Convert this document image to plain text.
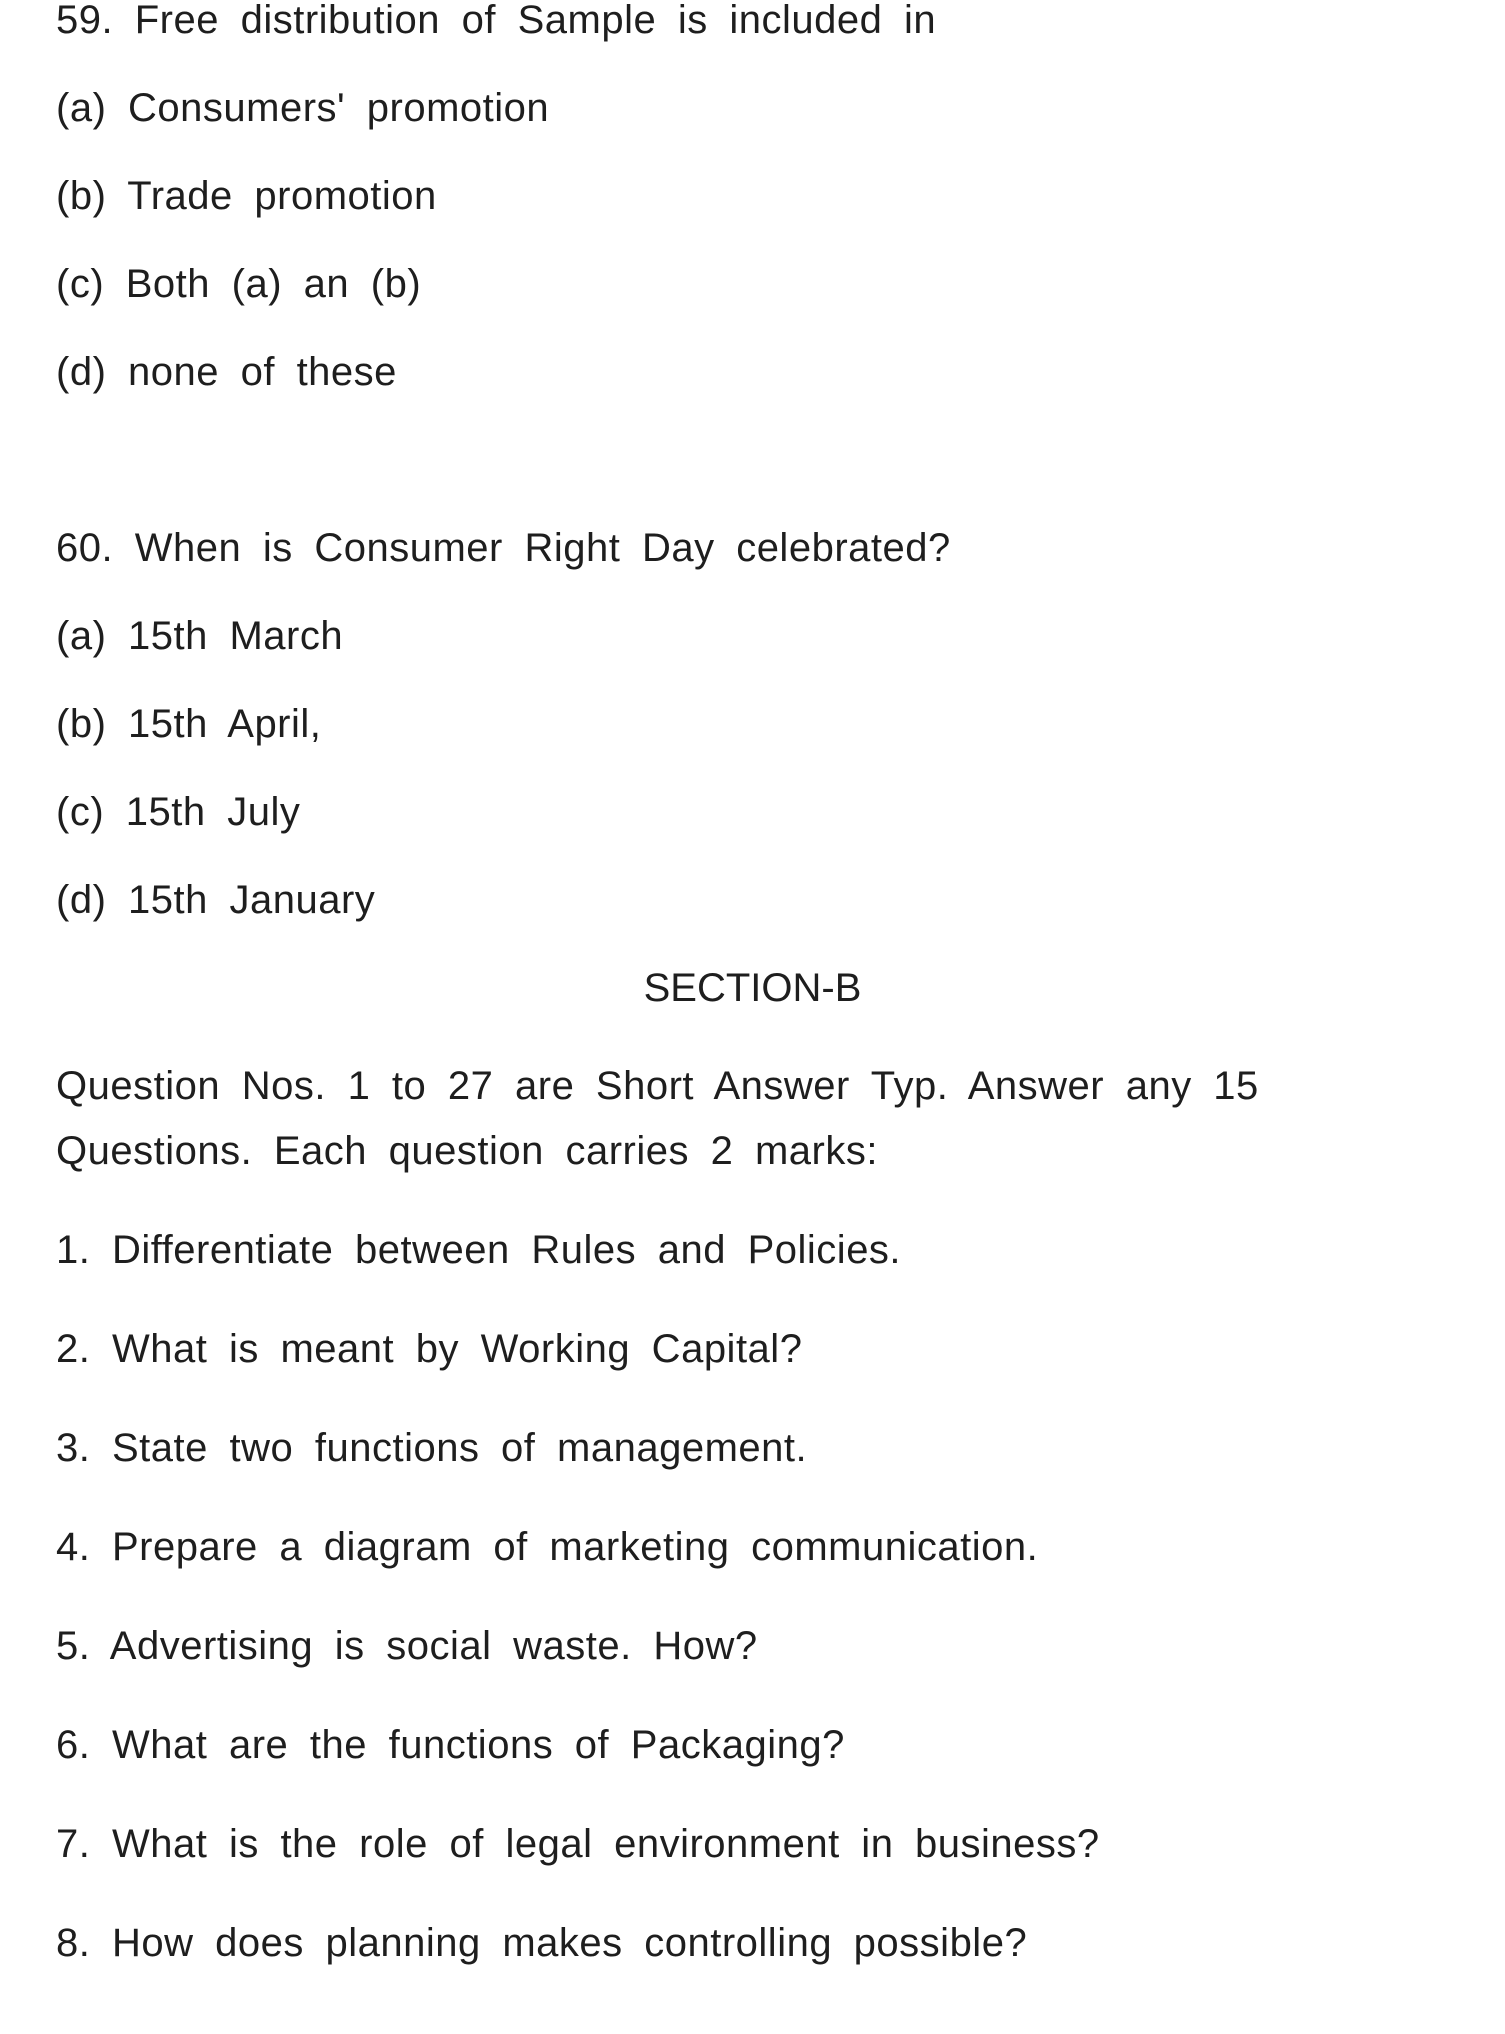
59. Free distribution of Sample is included in
(a) Consumers' promotion
(b) Trade promotion
(c) Both (a) an (b)
(d) none of these
60. When is Consumer Right Day celebrated?
(a) 15th March
(b) 15th April,
(c) 15th July
(d) 15th January
SECTION-B
Question Nos. 1 to 27 are Short Answer Typ. Answer any 15
Questions. Each question carries 2 marks:
1. Differentiate between Rules and Policies.
2. What is meant by Working Capital?
3. State two functions of management.
4. Prepare a diagram of marketing communication.
5. Advertising is social waste. How?
6. What are the functions of Packaging?
7. What is the role of legal environment in business?
8. How does planning makes controlling possible?
